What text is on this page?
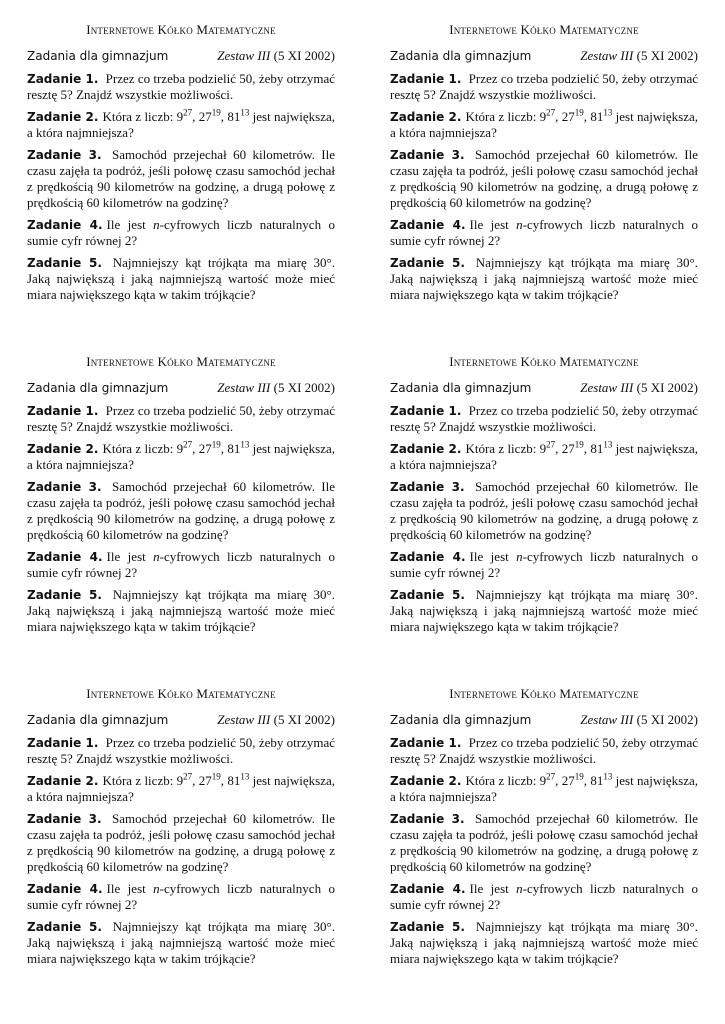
Internetowe Kółko Matematyczne
Zadania dla gimnazjum	Zestaw III (5 XI 2002)
Zadanie 1. Przez co trzeba podzielić 50, żeby otrzymać resztę 5? Znajdź wszystkie możliwości.
Zadanie 2. Która z liczb: $9^{27}$, $27^{19}$, $81^{13}$ jest największa, a która najmniejsza?
Zadanie 3. Samochód przejechał 60 kilometrów. Ile czasu zajęła ta podróż, jeśli połowę czasu samochód jechał z prędkością 90 kilometrów na godzinę, a drugą połowę z prędkością 60 kilometrów na godzinę?
Zadanie 4. Ile jest n-cyfrowych liczb naturalnych o sumie cyfr równej 2?
Zadanie 5. Najmniejszy kąt trójkąta ma miarę 30°. Jaką największą i jaką najmniejszą wartość może mieć miara największego kąta w takim trójkącie?
Internetowe Kółko Matematyczne
Zadania dla gimnazjum	Zestaw III (5 XI 2002)
Zadanie 1. Przez co trzeba podzielić 50, żeby otrzymać resztę 5? Znajdź wszystkie możliwości.
Zadanie 2. Która z liczb: $9^{27}$, $27^{19}$, $81^{13}$ jest największa, a która najmniejsza?
Zadanie 3. Samochód przejechał 60 kilometrów. Ile czasu zajęła ta podróż, jeśli połowę czasu samochód jechał z prędkością 90 kilometrów na godzinę, a drugą połowę z prędkością 60 kilometrów na godzinę?
Zadanie 4. Ile jest n-cyfrowych liczb naturalnych o sumie cyfr równej 2?
Zadanie 5. Najmniejszy kąt trójkąta ma miarę 30°. Jaką największą i jaką najmniejszą wartość może mieć miara największego kąta w takim trójkącie?
Internetowe Kółko Matematyczne
Zadania dla gimnazjum	Zestaw III (5 XI 2002)
Zadanie 1. Przez co trzeba podzielić 50, żeby otrzymać resztę 5? Znajdź wszystkie możliwości.
Zadanie 2. Która z liczb: $9^{27}$, $27^{19}$, $81^{13}$ jest największa, a która najmniejsza?
Zadanie 3. Samochód przejechał 60 kilometrów. Ile czasu zajęła ta podróż, jeśli połowę czasu samochód jechał z prędkością 90 kilometrów na godzinę, a drugą połowę z prędkością 60 kilometrów na godzinę?
Zadanie 4. Ile jest n-cyfrowych liczb naturalnych o sumie cyfr równej 2?
Zadanie 5. Najmniejszy kąt trójkąta ma miarę 30°. Jaką największą i jaką najmniejszą wartość może mieć miara największego kąta w takim trójkącie?
Internetowe Kółko Matematyczne
Zadania dla gimnazjum	Zestaw III (5 XI 2002)
Zadanie 1. Przez co trzeba podzielić 50, żeby otrzymać resztę 5? Znajdź wszystkie możliwości.
Zadanie 2. Która z liczb: $9^{27}$, $27^{19}$, $81^{13}$ jest największa, a która najmniejsza?
Zadanie 3. Samochód przejechał 60 kilometrów. Ile czasu zajęła ta podróż, jeśli połowę czasu samochód jechał z prędkością 90 kilometrów na godzinę, a drugą połowę z prędkością 60 kilometrów na godzinę?
Zadanie 4. Ile jest n-cyfrowych liczb naturalnych o sumie cyfr równej 2?
Zadanie 5. Najmniejszy kąt trójkąta ma miarę 30°. Jaką największą i jaką najmniejszą wartość może mieć miara największego kąta w takim trójkącie?
Internetowe Kółko Matematyczne
Zadania dla gimnazjum	Zestaw III (5 XI 2002)
Zadanie 1. Przez co trzeba podzielić 50, żeby otrzymać resztę 5? Znajdź wszystkie możliwości.
Zadanie 2. Która z liczb: $9^{27}$, $27^{19}$, $81^{13}$ jest największa, a która najmniejsza?
Zadanie 3. Samochód przejechał 60 kilometrów. Ile czasu zajęła ta podróż, jeśli połowę czasu samochód jechał z prędkością 90 kilometrów na godzinę, a drugą połowę z prędkością 60 kilometrów na godzinę?
Zadanie 4. Ile jest n-cyfrowych liczb naturalnych o sumie cyfr równej 2?
Zadanie 5. Najmniejszy kąt trójkąta ma miarę 30°. Jaką największą i jaką najmniejszą wartość może mieć miara największego kąta w takim trójkącie?
Internetowe Kółko Matematyczne
Zadania dla gimnazjum	Zestaw III (5 XI 2002)
Zadanie 1. Przez co trzeba podzielić 50, żeby otrzymać resztę 5? Znajdź wszystkie możliwości.
Zadanie 2. Która z liczb: $9^{27}$, $27^{19}$, $81^{13}$ jest największa, a która najmniejsza?
Zadanie 3. Samochód przejechał 60 kilometrów. Ile czasu zajęła ta podróż, jeśli połowę czasu samochód jechał z prędkością 90 kilometrów na godzinę, a drugą połowę z prędkością 60 kilometrów na godzinę?
Zadanie 4. Ile jest n-cyfrowych liczb naturalnych o sumie cyfr równej 2?
Zadanie 5. Najmniejszy kąt trójkąta ma miarę 30°. Jaką największą i jaką najmniejszą wartość może mieć miara największego kąta w takim trójkącie?
